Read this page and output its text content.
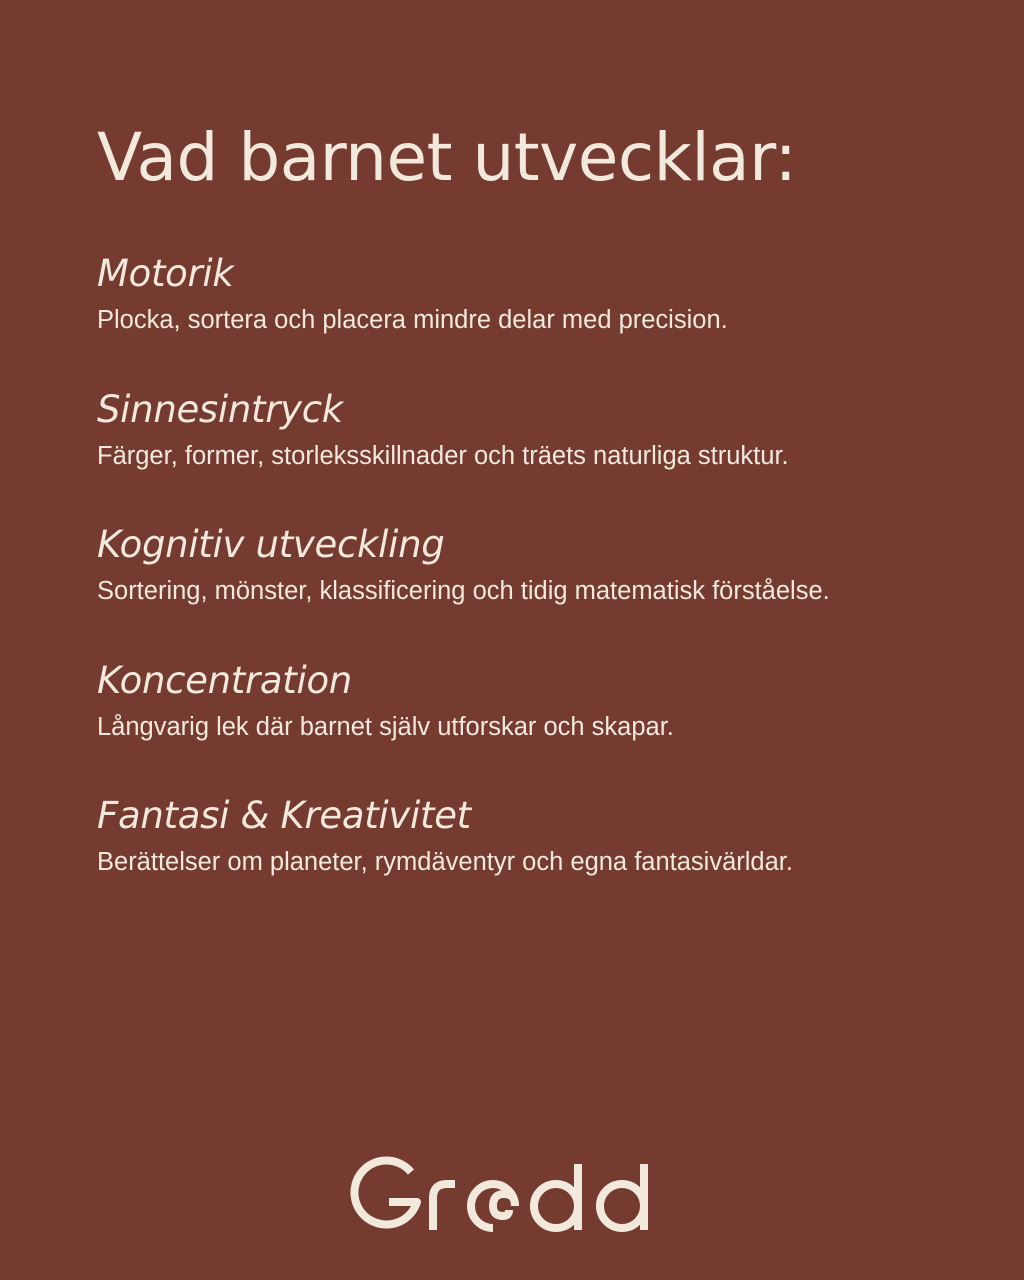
Vad barnet utvecklar:
Motorik
Plocka, sortera och placera mindre delar med precision.
Sinnesintryck
Färger, former, storleksskillnader och träets naturliga struktur.
Kognitiv utveckling
Sortering, mönster, klassificering och tidig matematisk förståelse.
Koncentration
Långvarig lek där barnet själv utforskar och skapar.
Fantasi & Kreativitet
Berättelser om planeter, rymdäventyr och egna fantasivärldar.
